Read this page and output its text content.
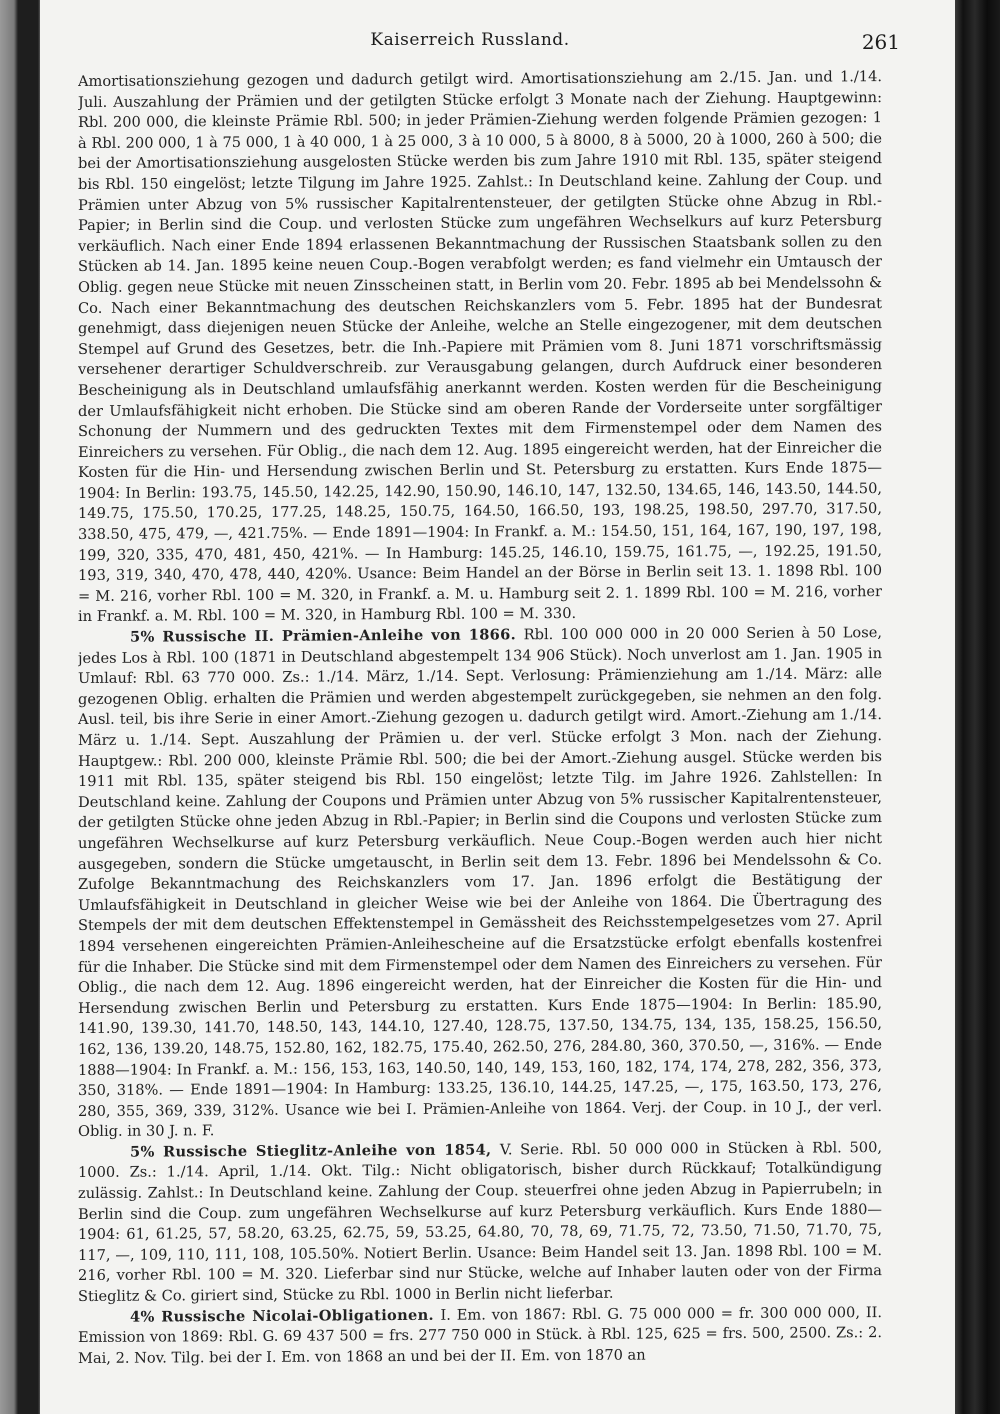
Kaiserreich Russland.	261

Amortisationsziehung gezogen und dadurch getilgt wird. Amortisationsziehung am 2./15. Jan. und 1./14. Juli. Auszahlung der Prämien und der getilgten Stücke erfolgt 3 Monate nach der Ziehung. Hauptgewinn: Rbl. 200 000, die kleinste Prämie Rbl. 500; in jeder Prämien-Ziehung werden folgende Prämien gezogen: 1 à Rbl. 200 000, 1 à 75 000, 1 à 40 000, 1 à 25 000, 3 à 10 000, 5 à 8000, 8 à 5000, 20 à 1000, 260 à 500; die bei der Amortisationsziehung ausgelosten Stücke werden bis zum Jahre 1910 mit Rbl. 135, später steigend bis Rbl. 150 eingelöst; letzte Tilgung im Jahre 1925. Zahlst.: In Deutschland keine. Zahlung der Coup. und Prämien unter Abzug von 5% russischer Kapitalrentensteuer, der getilgten Stücke ohne Abzug in Rbl.-Papier; in Berlin sind die Coup. und verlosten Stücke zum ungefähren Wechselkurs auf kurz Petersburg verkäuflich. Nach einer Ende 1894 erlassenen Bekanntmachung der Russischen Staatsbank sollen zu den Stücken ab 14. Jan. 1895 keine neuen Coup.-Bogen verabfolgt werden; es fand vielmehr ein Umtausch der Oblig. gegen neue Stücke mit neuen Zinsscheinen statt, in Berlin vom 20. Febr. 1895 ab bei Mendelssohn & Co. Nach einer Bekanntmachung des deutschen Reichskanzlers vom 5. Febr. 1895 hat der Bundesrat genehmigt, dass diejenigen neuen Stücke der Anleihe, welche an Stelle eingezogener, mit dem deutschen Stempel auf Grund des Gesetzes, betr. die Inh.-Papiere mit Prämien vom 8. Juni 1871 vorschriftsmässig versehener derartiger Schuldverschreib. zur Verausgabung gelangen, durch Aufdruck einer besonderen Bescheinigung als in Deutschland umlaufsfähig anerkannt werden. Kosten werden für die Bescheinigung der Umlaufsfähigkeit nicht erhoben. Die Stücke sind am oberen Rande der Vorderseite unter sorgfältiger Schonung der Nummern und des gedruckten Textes mit dem Firmenstempel oder dem Namen des Einreichers zu versehen. Für Oblig., die nach dem 12. Aug. 1895 eingereicht werden, hat der Einreicher die Kosten für die Hin- und Hersendung zwischen Berlin und St. Petersburg zu erstatten. Kurs Ende 1875—1904: In Berlin: 193.75, 145.50, 142.25, 142.90, 150.90, 146.10, 147, 132.50, 134.65, 146, 143.50, 144.50, 149.75, 175.50, 170.25, 177.25, 148.25, 150.75, 164.50, 166.50, 193, 198.25, 198.50, 297.70, 317.50, 338.50, 475, 479, —, 421.75%. — Ende 1891—1904: In Frankf. a. M.: 154.50, 151, 164, 167, 190, 197, 198, 199, 320, 335, 470, 481, 450, 421%. — In Hamburg: 145.25, 146.10, 159.75, 161.75, —, 192.25, 191.50, 193, 319, 340, 470, 478, 440, 420%. Usance: Beim Handel an der Börse in Berlin seit 13. 1. 1898 Rbl. 100 = M. 216, vorher Rbl. 100 = M. 320, in Frankf. a. M. u. Hamburg seit 2. 1. 1899 Rbl. 100 = M. 216, vorher in Frankf. a. M. Rbl. 100 = M. 320, in Hamburg Rbl. 100 = M. 330.

5% Russische II. Prämien-Anleihe von 1866. Rbl. 100 000 000 in 20 000 Serien à 50 Lose, jedes Los à Rbl. 100 (1871 in Deutschland abgestempelt 134 906 Stück). Noch unverlost am 1. Jan. 1905 in Umlauf: Rbl. 63 770 000. Zs.: 1./14. März, 1./14. Sept. Verlosung: Prämienziehung am 1./14. März: alle gezogenen Oblig. erhalten die Prämien und werden abgestempelt zurückgegeben, sie nehmen an den folg. Ausl. teil, bis ihre Serie in einer Amort.-Ziehung gezogen u. dadurch getilgt wird. Amort.-Ziehung am 1./14. März u. 1./14. Sept. Auszahlung der Prämien u. der verl. Stücke erfolgt 3 Mon. nach der Ziehung. Hauptgew.: Rbl. 200 000, kleinste Prämie Rbl. 500; die bei der Amort.-Ziehung ausgel. Stücke werden bis 1911 mit Rbl. 135, später steigend bis Rbl. 150 eingelöst; letzte Tilg. im Jahre 1926. Zahlstellen: In Deutschland keine. Zahlung der Coupons und Prämien unter Abzug von 5% russischer Kapitalrentensteuer, der getilgten Stücke ohne jeden Abzug in Rbl.-Papier; in Berlin sind die Coupons und verlosten Stücke zum ungefähren Wechselkurse auf kurz Petersburg verkäuflich. Neue Coup.-Bogen werden auch hier nicht ausgegeben, sondern die Stücke umgetauscht, in Berlin seit dem 13. Febr. 1896 bei Mendelssohn & Co. Zufolge Bekanntmachung des Reichskanzlers vom 17. Jan. 1896 erfolgt die Bestätigung der Umlaufsfähigkeit in Deutschland in gleicher Weise wie bei der Anleihe von 1864. Die Übertragung des Stempels der mit dem deutschen Effektenstempel in Gemässheit des Reichsstempelgesetzes vom 27. April 1894 versehenen eingereichten Prämien-Anleihescheine auf die Ersatzstücke erfolgt ebenfalls kostenfrei für die Inhaber. Die Stücke sind mit dem Firmenstempel oder dem Namen des Einreichers zu versehen. Für Oblig., die nach dem 12. Aug. 1896 eingereicht werden, hat der Einreicher die Kosten für die Hin- und Hersendung zwischen Berlin und Petersburg zu erstatten. Kurs Ende 1875—1904: In Berlin: 185.90, 141.90, 139.30, 141.70, 148.50, 143, 144.10, 127.40, 128.75, 137.50, 134.75, 134, 135, 158.25, 156.50, 162, 136, 139.20, 148.75, 152.80, 162, 182.75, 175.40, 262.50, 276, 284.80, 360, 370.50, —, 316%. — Ende 1888—1904: In Frankf. a. M.: 156, 153, 163, 140.50, 140, 149, 153, 160, 182, 174, 174, 278, 282, 356, 373, 350, 318%. — Ende 1891—1904: In Hamburg: 133.25, 136.10, 144.25, 147.25, —, 175, 163.50, 173, 276, 280, 355, 369, 339, 312%. Usance wie bei I. Prämien-Anleihe von 1864. Verj. der Coup. in 10 J., der verl. Oblig. in 30 J. n. F.

5% Russische Stieglitz-Anleihe von 1854, V. Serie. Rbl. 50 000 000 in Stücken à Rbl. 500, 1000. Zs.: 1./14. April, 1./14. Okt. Tilg.: Nicht obligatorisch, bisher durch Rückkauf; Totalkündigung zulässig. Zahlst.: In Deutschland keine. Zahlung der Coup. steuerfrei ohne jeden Abzug in Papierrubeln; in Berlin sind die Coup. zum ungefähren Wechselkurse auf kurz Petersburg verkäuflich. Kurs Ende 1880—1904: 61, 61.25, 57, 58.20, 63.25, 62.75, 59, 53.25, 64.80, 70, 78, 69, 71.75, 72, 73.50, 71.50, 71.70, 75, 117, —, 109, 110, 111, 108, 105.50%. Notiert Berlin. Usance: Beim Handel seit 13. Jan. 1898 Rbl. 100 = M. 216, vorher Rbl. 100 = M. 320. Lieferbar sind nur Stücke, welche auf Inhaber lauten oder von der Firma Stieglitz & Co. giriert sind, Stücke zu Rbl. 1000 in Berlin nicht lieferbar.

4% Russische Nicolai-Obligationen. I. Em. von 1867: Rbl. G. 75 000 000 = fr. 300 000 000, II. Emission von 1869: Rbl. G. 69 437 500 = frs. 277 750 000 in Stück. à Rbl. 125, 625 = frs. 500, 2500. Zs.: 2. Mai, 2. Nov. Tilg. bei der I. Em. von 1868 an und bei der II. Em. von 1870 an
